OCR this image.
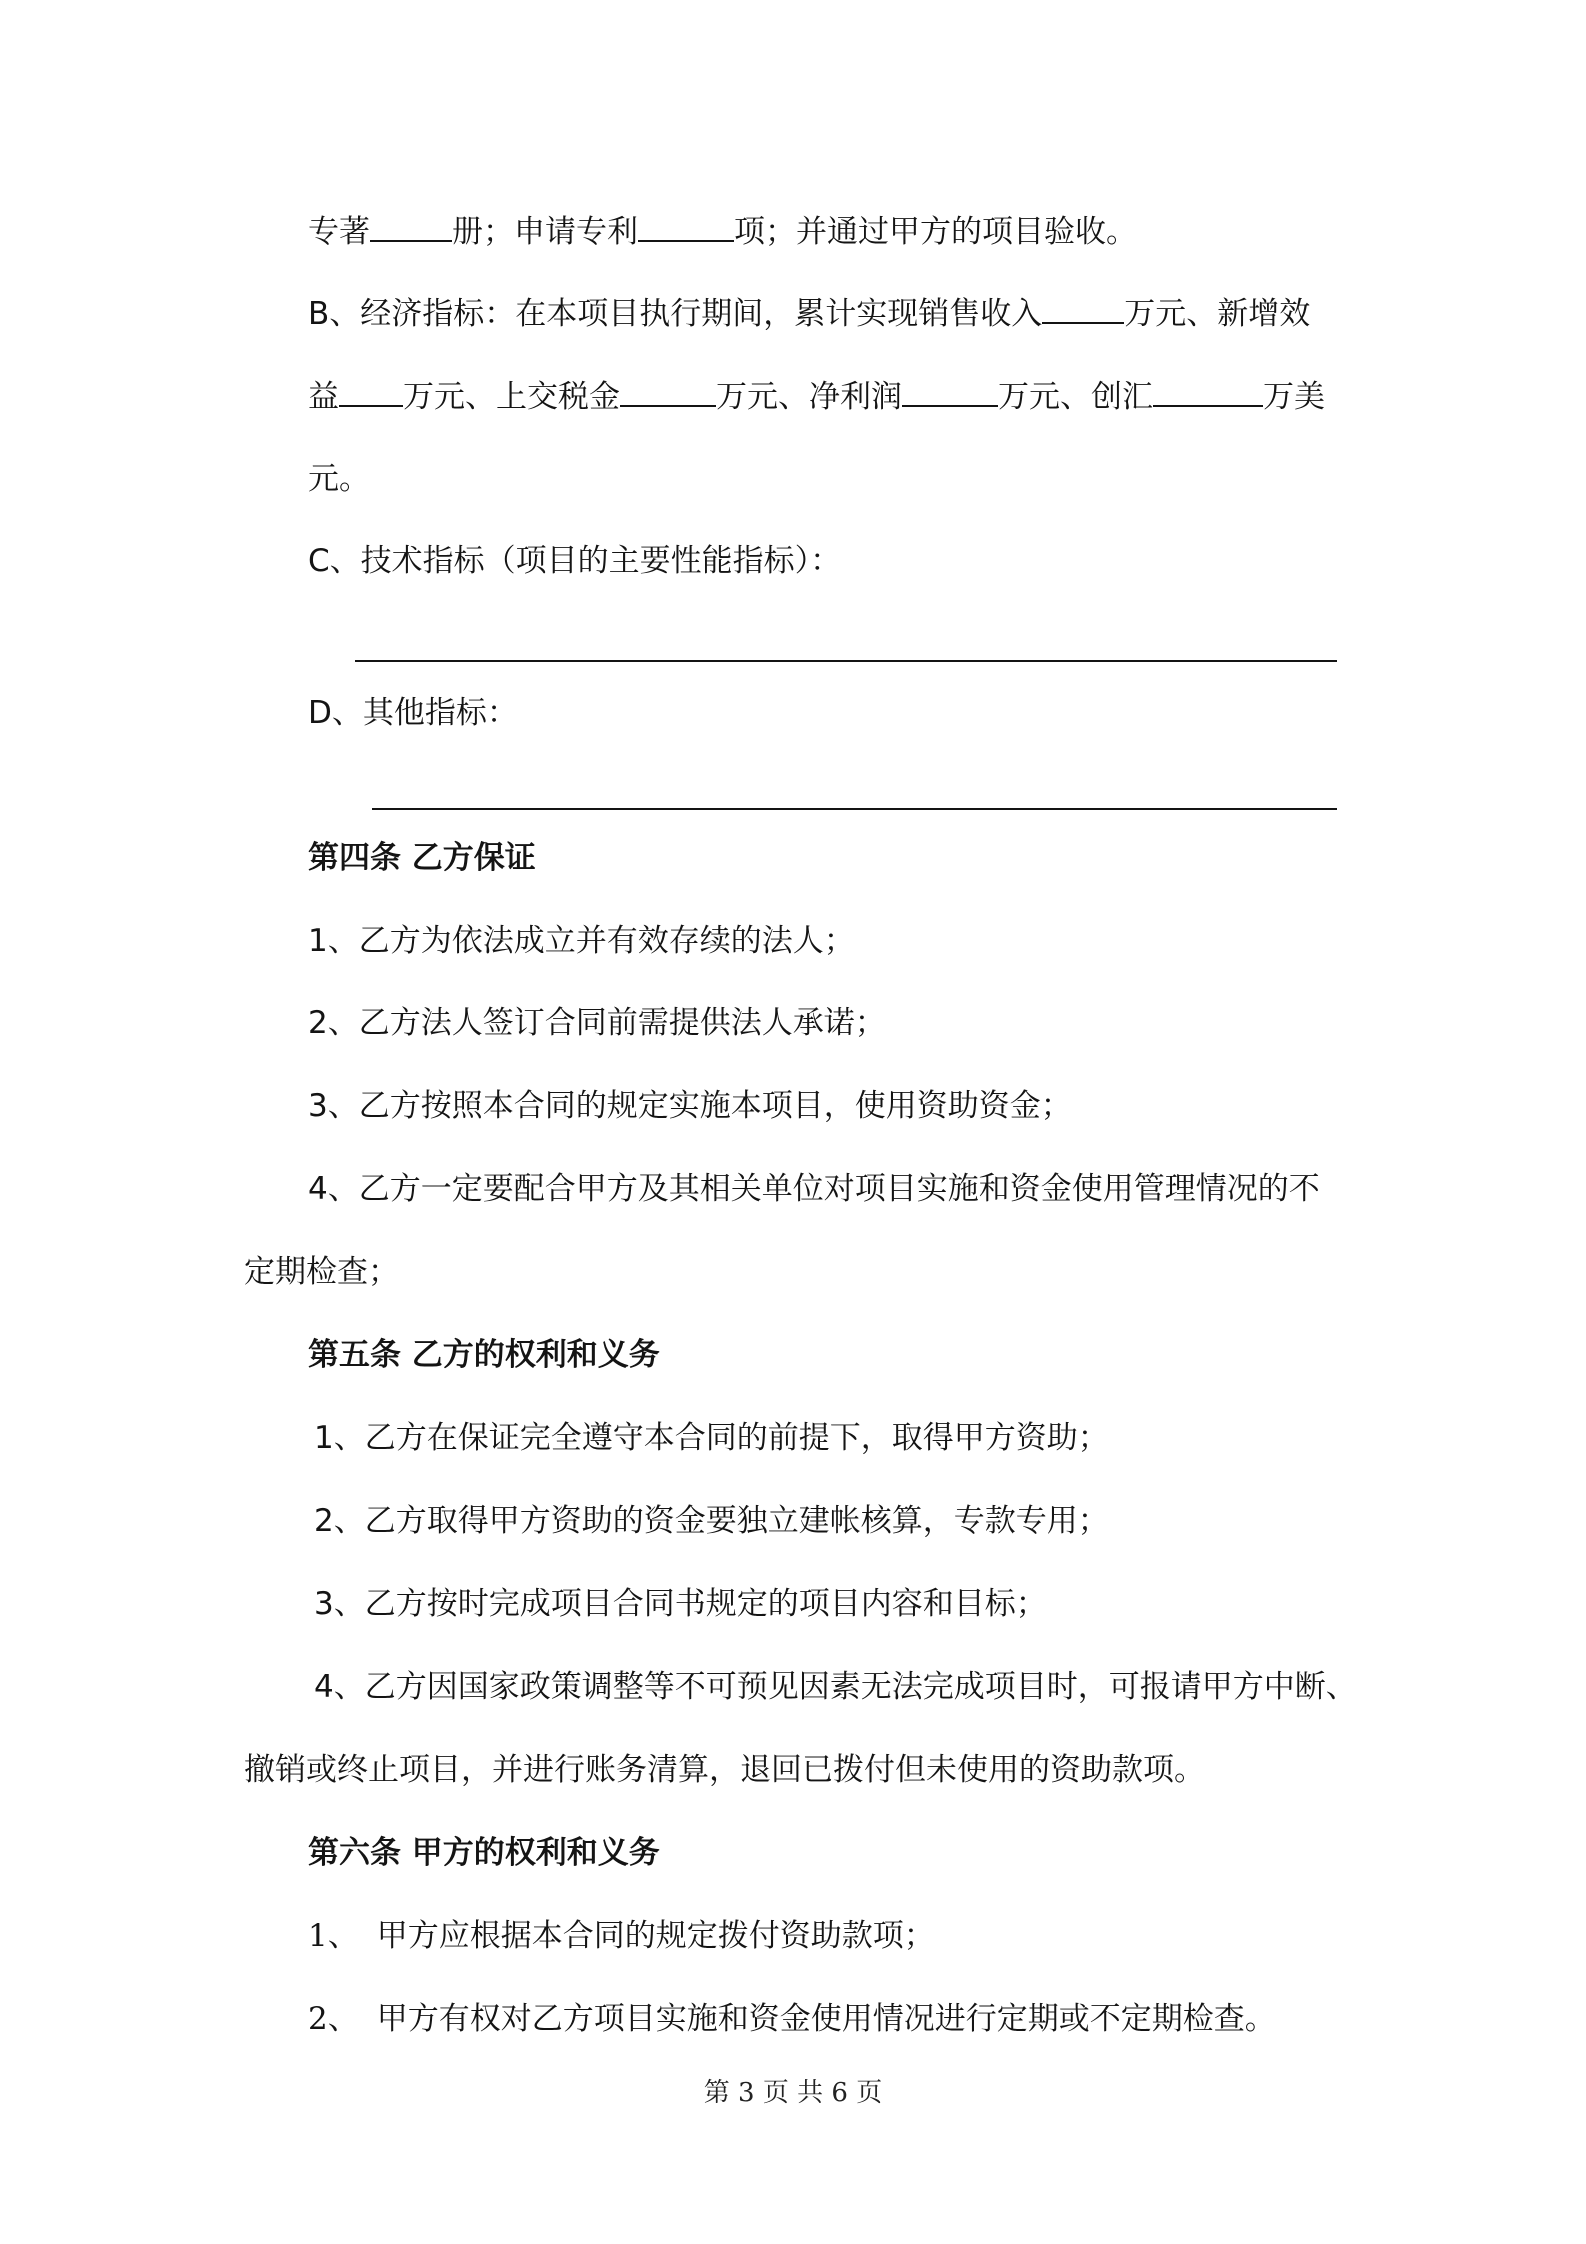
专著	册；申请专利	项；并通过甲方的项目验收。
B、经济指标：在本项目执行期间，累计实现销售收入	万元、新增效
益 万元、上交税金	万元、净利润	万元、创汇	万美
元。
C、技术指标（项目的主要性能指标）：
D、其他指标：
第四条 乙方保证
1、乙方为依法成立并有效存续的法人；
2、乙方法人签订合同前需提供法人承诺；
3、乙方按照本合同的规定实施本项目，使用资助资金；
4、乙方一定要配合甲方及其相关单位对项目实施和资金使用管理情况的不
定期检查；
第五条 乙方的权利和义务
1、乙方在保证完全遵守本合同的前提下，取得甲方资助；
2、乙方取得甲方资助的资金要独立建帐核算，专款专用；
3、乙方按时完成项目合同书规定的项目内容和目标；
4、乙方因国家政策调整等不可预见因素无法完成项目时，可报请甲方中断、
撤销或终止项目，并进行账务清算，退回已拨付但未使用的资助款项。
第六条 甲方的权利和义务
1、 甲方应根据本合同的规定拨付资助款项；
2、 甲方有权对乙方项目实施和资金使用情况进行定期或不定期检查。
第 3 页 共 6 页
